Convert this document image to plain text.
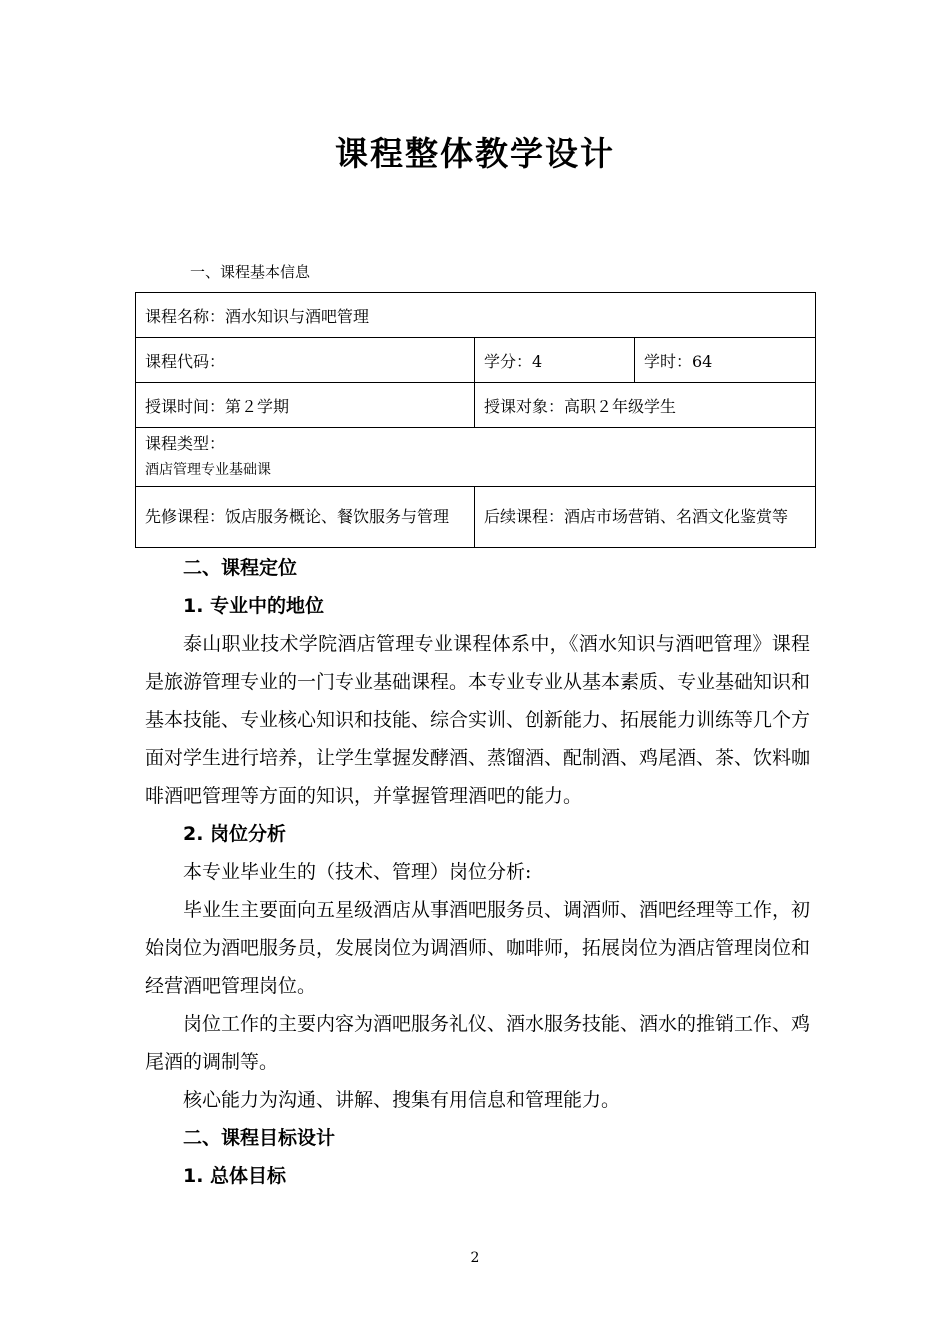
课程整体教学设计
一、课程基本信息
课程名称：酒水知识与酒吧管理		
课程代码：	学分：4	学时：64
授课时间：第２学期	授课对象：高职２年级学生	

课程类型：
酒店管理专业基础课		

先修课程：饭店服务概论、餐饮服务与管理	后续课程：酒店市场营销、名酒文化鉴赏等	

二、课程定位

1. 专业中的地位

泰山职业技术学院酒店管理专业课程体系中，《酒水知识与酒吧管理》课程是旅游管理专业的一门专业基础课程。本专业专业从基本素质、专业基础知识和基本技能、专业核心知识和技能、综合实训、创新能力、拓展能力训练等几个方面对学生进行培养，让学生掌握发酵酒、蒸馏酒、配制酒、鸡尾酒、茶、饮料咖啡酒吧管理等方面的知识，并掌握管理酒吧的能力。

2. 岗位分析

本专业毕业生的（技术、管理）岗位分析:

毕业生主要面向五星级酒店从事酒吧服务员、调酒师、酒吧经理等工作，初始岗位为酒吧服务员，发展岗位为调酒师、咖啡师，拓展岗位为酒店管理岗位和经营酒吧管理岗位。

岗位工作的主要内容为酒吧服务礼仪、酒水服务技能、酒水的推销工作、鸡尾酒的调制等。

核心能力为沟通、讲解、搜集有用信息和管理能力。

二、课程目标设计

1. 总体目标

2
